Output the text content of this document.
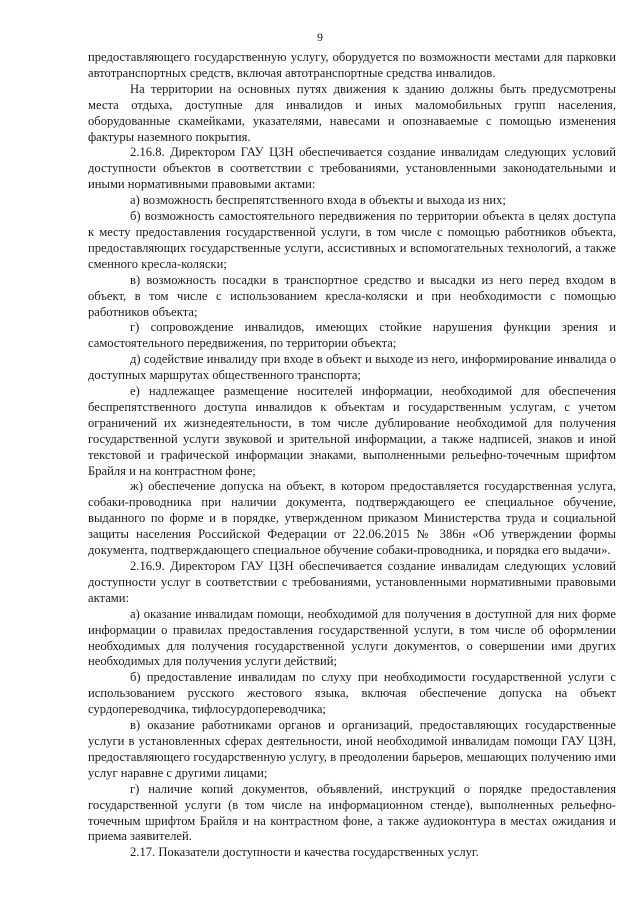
9

предоставляющего государственную услугу, оборудуется по возможности местами для парковки автотранспортных средств, включая автотранспортные средства инвалидов.

На территории на основных путях движения к зданию должны быть предусмотрены места отдыха, доступные для инвалидов и иных маломобильных групп населения, оборудованные скамейками, указателями, навесами и опознаваемые с помощью изменения фактуры наземного покрытия.

2.16.8. Директором ГАУ ЦЗН обеспечивается создание инвалидам следующих условий доступности объектов в соответствии с требованиями, установленными законодательными и иными нормативными правовыми актами:

а) возможность беспрепятственного входа в объекты и выхода из них;

б) возможность самостоятельного передвижения по территории объекта в целях доступа к месту предоставления государственной услуги, в том числе с помощью работников объекта, предоставляющих государственные услуги, ассистивных и вспомогательных технологий, а также сменного кресла-коляски;

в) возможность посадки в транспортное средство и высадки из него перед входом в объект, в том числе с использованием кресла-коляски и при необходимости с помощью работников объекта;

г) сопровождение инвалидов, имеющих стойкие нарушения функции зрения и самостоятельного передвижения, по территории объекта;

д) содействие инвалиду при входе в объект и выходе из него, информирование инвалида о доступных маршрутах общественного транспорта;

е) надлежащее размещение носителей информации, необходимой для обеспечения беспрепятственного доступа инвалидов к объектам и государственным услугам, с учетом ограничений их жизнедеятельности, в том числе дублирование необходимой для получения государственной услуги звуковой и зрительной информации, а также надписей, знаков и иной текстовой и графической информации знаками, выполненными рельефно-точечным шрифтом Брайля и на контрастном фоне;

ж) обеспечение допуска на объект, в котором предоставляется государственная услуга, собаки-проводника при наличии документа, подтверждающего ее специальное обучение, выданного по форме и в порядке, утвержденном приказом Министерства труда и социальной защиты населения Российской Федерации от 22.06.2015 № 386н «Об утверждении формы документа, подтверждающего специальное обучение собаки-проводника, и порядка его выдачи».

2.16.9. Директором ГАУ ЦЗН обеспечивается создание инвалидам следующих условий доступности услуг в соответствии с требованиями, установленными нормативными правовыми актами:

а) оказание инвалидам помощи, необходимой для получения в доступной для них форме информации о правилах предоставления государственной услуги, в том числе об оформлении необходимых для получения государственной услуги документов, о совершении ими других необходимых для получения услуги действий;

б) предоставление инвалидам по слуху при необходимости государственной услуги с использованием русского жестового языка, включая обеспечение допуска на объект сурдопереводчика, тифлосурдопереводчика;

в) оказание работниками органов и организаций, предоставляющих государственные услуги в установленных сферах деятельности, иной необходимой инвалидам помощи ГАУ ЦЗН, предоставляющего государственную услугу, в преодолении барьеров, мешающих получению ими услуг наравне с другими лицами;

г) наличие копий документов, объявлений, инструкций о порядке предоставления государственной услуги (в том числе на информационном стенде), выполненных рельефно-точечным шрифтом Брайля и на контрастном фоне, а также аудиоконтура в местах ожидания и приема заявителей.

2.17. Показатели доступности и качества государственных услуг.
